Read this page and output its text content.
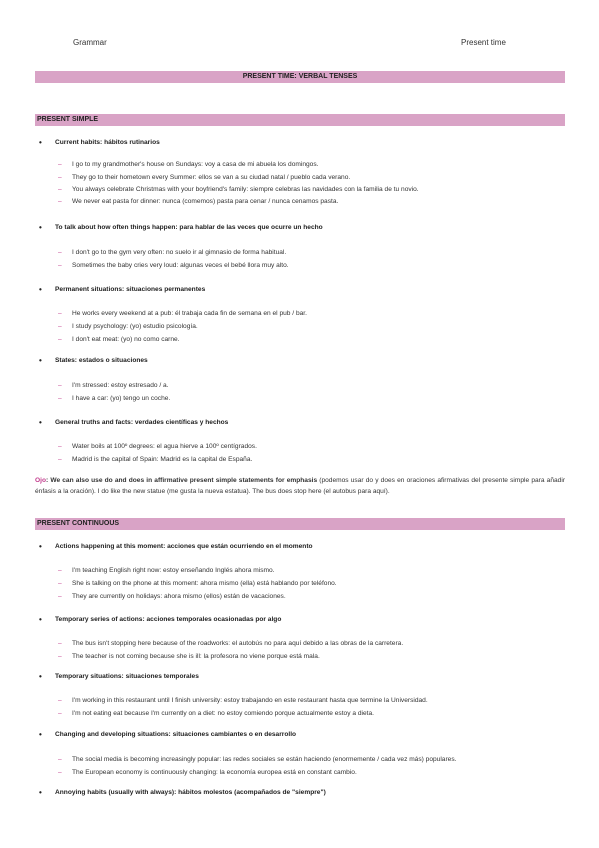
Grammar	Present time
PRESENT TIME: VERBAL TENSES
PRESENT SIMPLE
Current habits: hábitos rutinarios
– I go to my grandmother's house on Sundays: voy a casa de mi abuela los domingos.
– They go to their hometown every Summer: ellos se van a su ciudad natal / pueblo cada verano.
– You always celebrate Christmas with your boyfriend's family: siempre celebras las navidades con la familia de tu novio.
– We never eat pasta for dinner: nunca (comemos) pasta para cenar / nunca cenamos pasta.
To talk about how often things happen: para hablar de las veces que ocurre un hecho
– I don't go to the gym very often: no suelo ir al gimnasio de forma habitual.
– Sometimes the baby cries very loud: algunas veces el bebé llora muy alto.
Permanent situations: situaciones permanentes
– He works every weekend at a pub: él trabaja cada fin de semana en el pub / bar.
– I study psychology: (yo) estudio psicología.
– I don't eat meat: (yo) no como carne.
States: estados o situaciones
– I'm stressed: estoy estresado / a.
– I have a car: (yo) tengo un coche.
General truths and facts: verdades científicas y hechos
– Water boils at 100º degrees: el agua hierve a 100º centígrados.
– Madrid is the capital of Spain: Madrid es la capital de España.
Ojo: We can also use do and does in affirmative present simple statements for emphasis (podemos usar do y does en oraciones afirmativas del presente simple para añadir énfasis a la oración). I do like the new statue (me gusta la nueva estatua). The bus does stop here (el autobus para aquí).
PRESENT CONTINUOUS
Actions happening at this moment: acciones que están ocurriendo en el momento
– I'm teaching English right now: estoy enseñando Inglés ahora mismo.
– She is talking on the phone at this moment: ahora mismo (ella) está hablando por teléfono.
– They are currently on holidays: ahora mismo (ellos) están de vacaciones.
Temporary series of actions: acciones temporales ocasionadas por algo
– The bus isn't stopping here because of the roadworks: el autobús no para aquí debido a las obras de la carretera.
– The teacher is not coming because she is ill: la profesora no viene porque está mala.
Temporary situations: situaciones temporales
– I'm working in this restaurant until I finish university: estoy trabajando en este restaurant hasta que termine la Universidad.
– I'm not eating eat because I'm currently on a diet: no estoy comiendo porque actualmente estoy a dieta.
Changing and developing situations: situaciones cambiantes o en desarrollo
– The social media is becoming increasingly popular: las redes sociales se están haciendo (enormemente / cada vez más) populares.
– The European economy is continuously changing: la economía europea está en constant cambio.
Annoying habits (usually with always): hábitos molestos (acompañados de "siempre")
